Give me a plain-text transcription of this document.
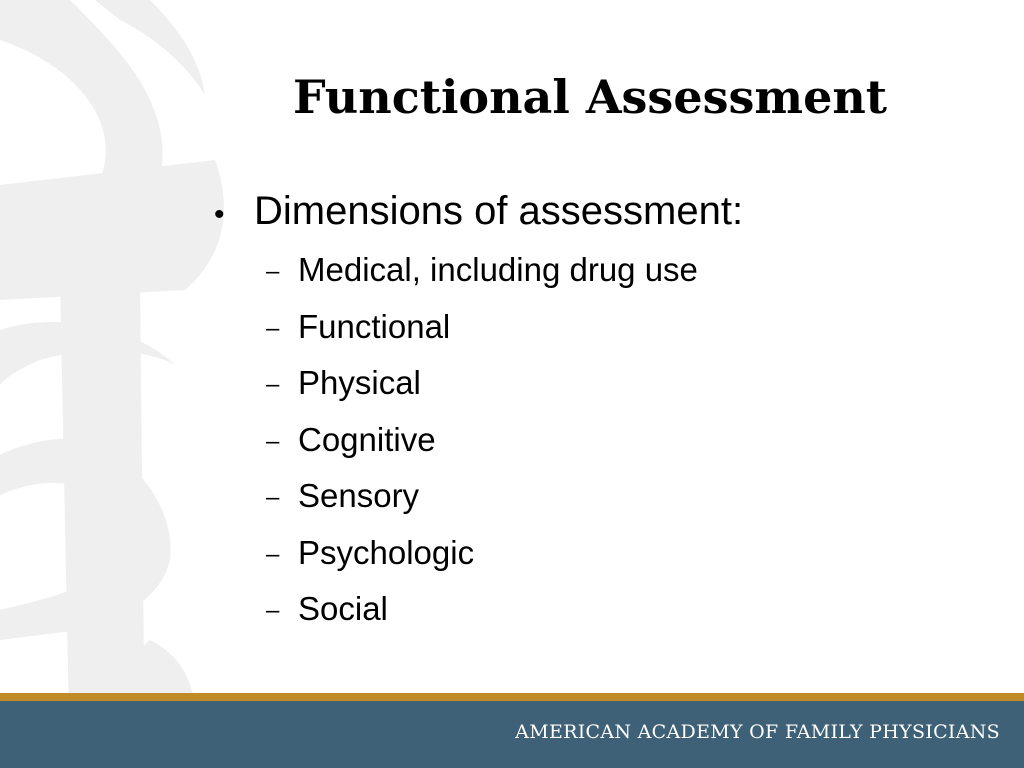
Functional Assessment
• Dimensions of assessment:
– Medical, including drug use
– Functional
– Physical
– Cognitive
– Sensory
– Psychologic
– Social
AMERICAN ACADEMY OF FAMILY PHYSICIANS
